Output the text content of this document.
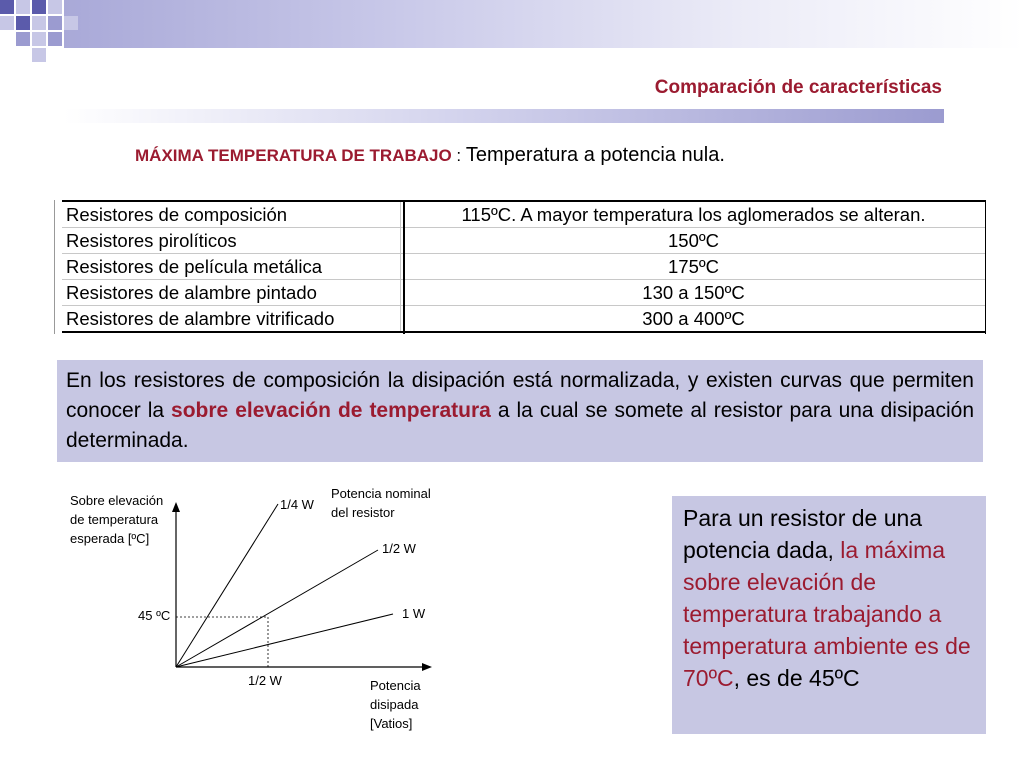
Comparación de características
MÁXIMA TEMPERATURA DE TRABAJO : Temperatura a potencia nula.
Resistores de composición	115ºC. A mayor temperatura los aglomerados se alteran.
Resistores pirolíticos	150ºC
Resistores de película metálica	175ºC
Resistores de alambre pintado	130 a 150ºC
Resistores de alambre vitrificado	300 a 400ºC
En los resistores de composición la disipación está normalizada, y existen curvas que permiten conocer la sobre elevación de temperatura a la cual se somete al resistor para una disipación determinada.
Sobre elevación
de temperatura
esperada [ºC]
1/4 W
1/2 W
1 W
Potencia nominal
del resistor
45 ºC
1/2 W	Potencia
disipada
[Vatios]
Para un resistor de una potencia dada, la máxima sobre elevación de temperatura trabajando a temperatura ambiente es de 70ºC, es de 45ºC
